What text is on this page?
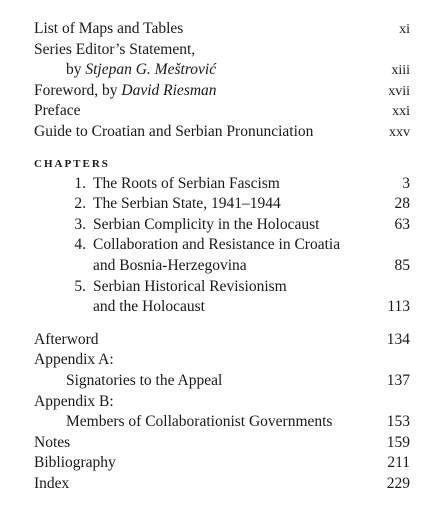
List of Maps and Tables	xi
Series Editor’s Statement,
by Stjepan G. Meštrović	xiii
Foreword, by David Riesman	xvii
Preface	xxi
Guide to Croatian and Serbian Pronunciation	xxv
CHAPTERS
1. The Roots of Serbian Fascism	3
2. The Serbian State, 1941–1944	28
3. Serbian Complicity in the Holocaust	63
4. Collaboration and Resistance in Croatia
and Bosnia-Herzegovina	85
5. Serbian Historical Revisionism
and the Holocaust	113
Afterword	134
Appendix A:
Signatories to the Appeal	137
Appendix B:
Members of Collaborationist Governments	153
Notes	159
Bibliography	211
Index	229
